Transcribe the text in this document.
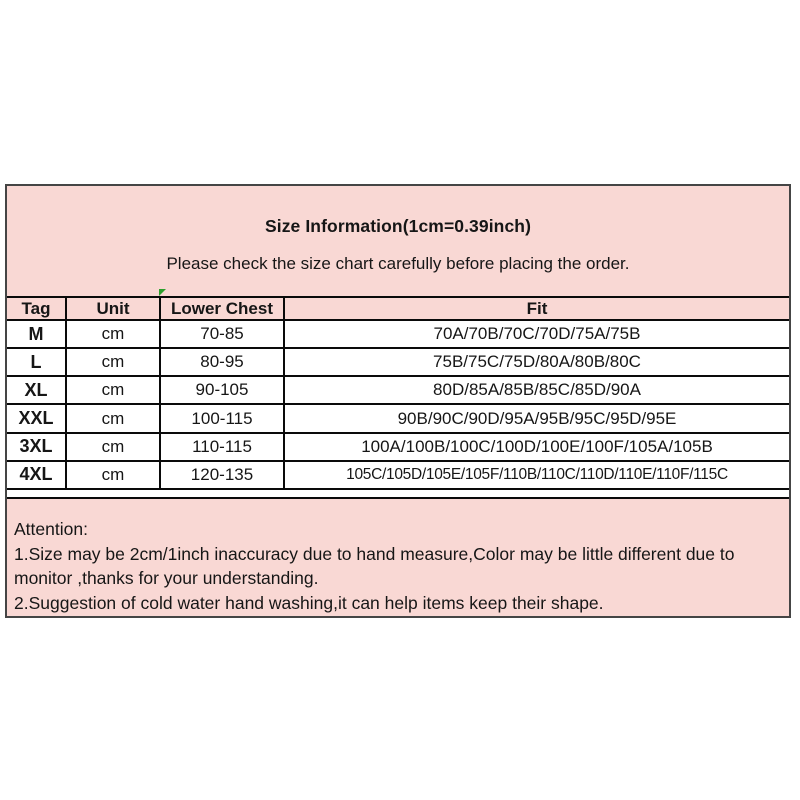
Size Information(1cm=0.39inch)
Please check the size chart carefully before placing the order.
Tag	Unit	Lower Chest	Fit
M	cm	70-85	70A/70B/70C/70D/75A/75B
L	cm	80-95	75B/75C/75D/80A/80B/80C
XL	cm	90-105	80D/85A/85B/85C/85D/90A
XXL	cm	100-115	90B/90C/90D/95A/95B/95C/95D/95E
3XL	cm	110-115	100A/100B/100C/100D/100E/100F/105A/105B
4XL	cm	120-135	105C/105D/105E/105F/110B/110C/110D/110E/110F/115C
Attention:
1.Size may be 2cm/1inch inaccuracy due to hand measure,Color may be little different due to
monitor ,thanks for your understanding.
2.Suggestion of cold water hand washing,it can help items keep their shape.
